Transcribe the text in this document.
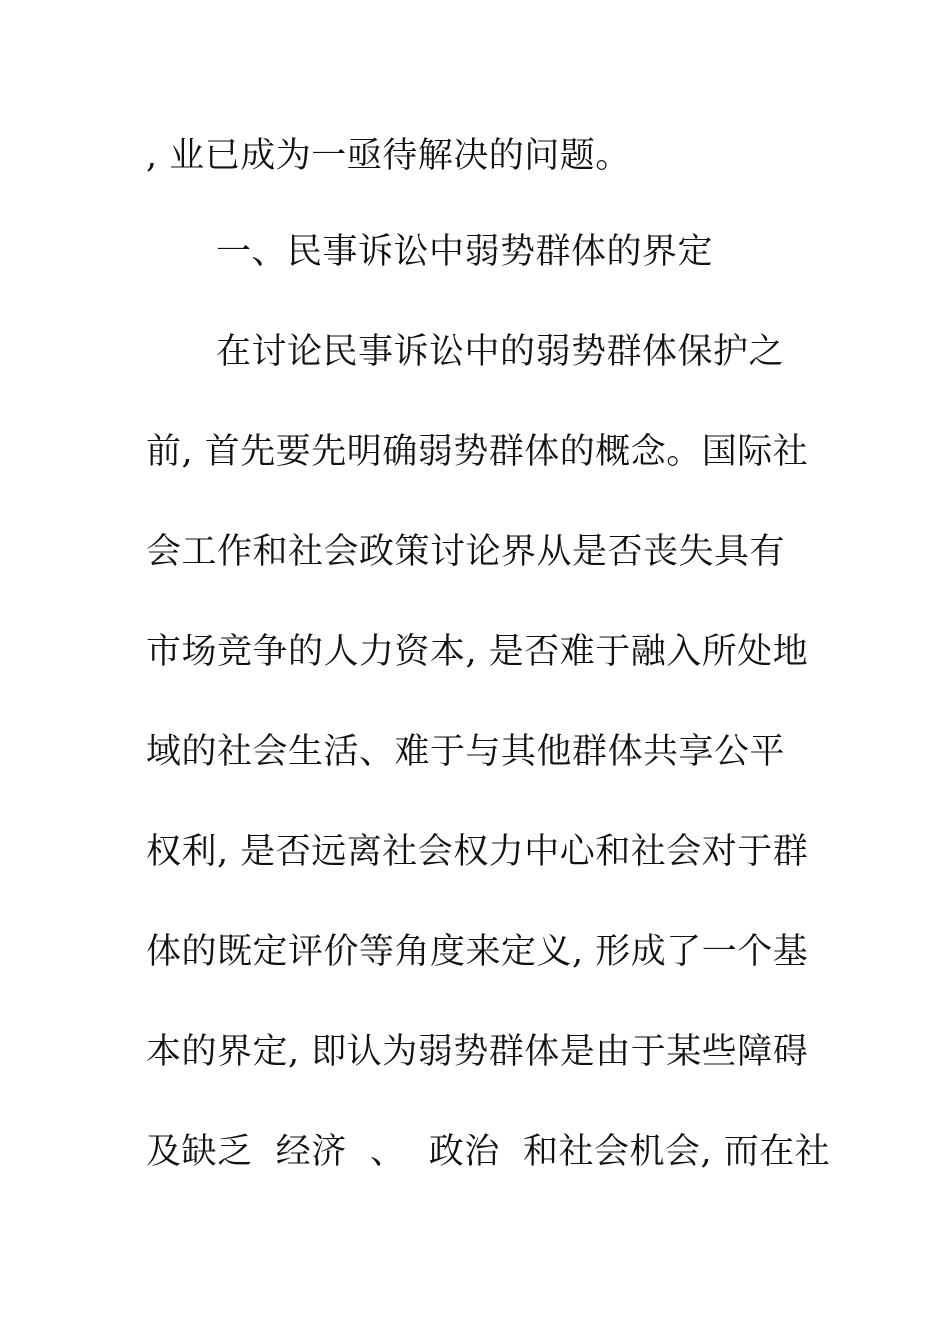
, 业已成为一亟待解决的问题。
一、民事诉讼中弱势群体的界定
在讨论民事诉讼中的弱势群体保护之
前, 首先要先明确弱势群体的概念。国际社
会工作和社会政策讨论界从是否丧失具有
市场竞争的人力资本, 是否难于融入所处地
域的社会生活、难于与其他群体共享公平
权利, 是否远离社会权力中心和社会对于群
体的既定评价等角度来定义, 形成了一个基
本的界定, 即认为弱势群体是由于某些障碍
及缺乏  经济  、  政治  和社会机会, 而在社
